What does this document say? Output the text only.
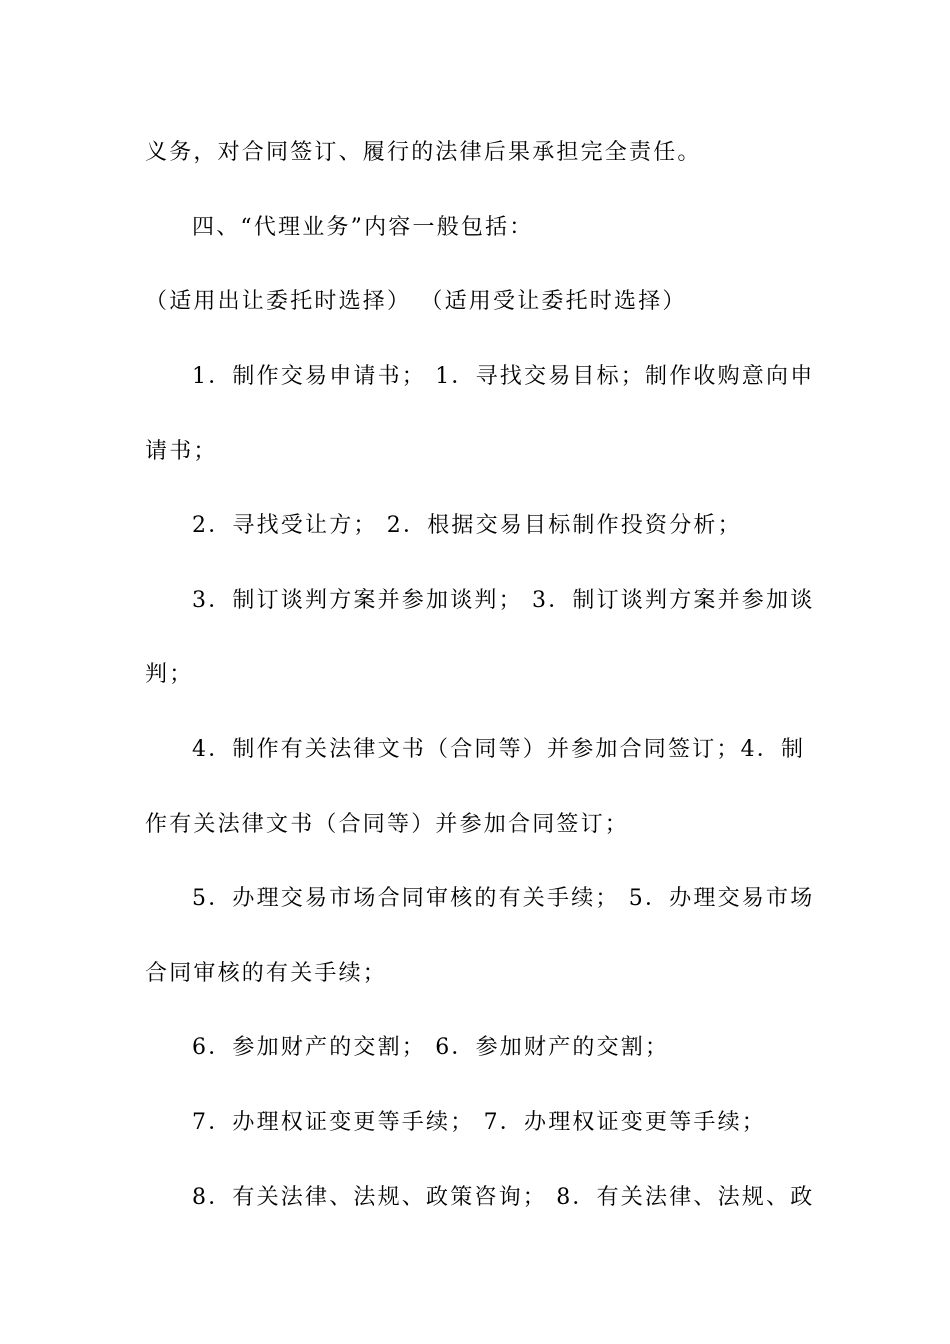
义务，对合同签订、履行的法律后果承担完全责任。
四、“代理业务”内容一般包括：
（适用出让委托时选择） （适用受让委托时选择）
1．制作交易申请书； 1．寻找交易目标；制作收购意向申
请书；
2．寻找受让方； 2．根据交易目标制作投资分析；
3．制订谈判方案并参加谈判； 3．制订谈判方案并参加谈
判；
4．制作有关法律文书（合同等）并参加合同签订；4．制
作有关法律文书（合同等）并参加合同签订；
5．办理交易市场合同审核的有关手续； 5．办理交易市场
合同审核的有关手续；
6．参加财产的交割； 6．参加财产的交割；
7．办理权证变更等手续； 7．办理权证变更等手续；
8．有关法律、法规、政策咨询； 8．有关法律、法规、政
